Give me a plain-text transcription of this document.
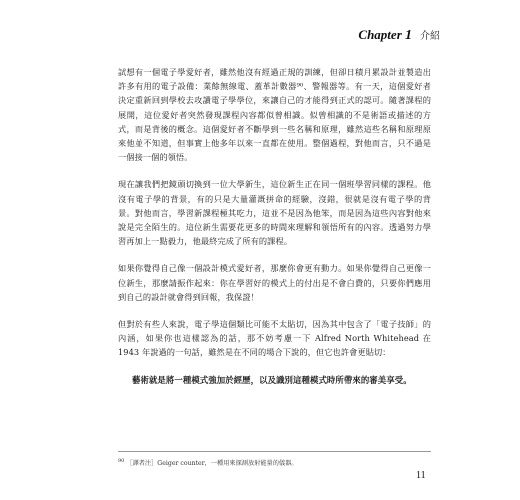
Chapter 1 介紹

試想有一個電子學愛好者，雖然他沒有經過正規的訓練，但卻日積月累設計並製造出許多有用的電子設備：業餘無線電、蓋革計數器⁹⁰、警報器等。有一天，這個愛好者決定重新回到學校去攻讀電子學學位，來讓自己的才能得到正式的認可。隨著課程的展開，這位愛好者突然發現課程內容都似曾相識。似曾相識的不是術語或描述的方式，而是背後的概念。這個愛好者不斷學到一些名稱和原理，雖然這些名稱和原理原來他並不知道，但事實上他多年以來一直都在使用。整個過程，對他而言，只不過是一個接一個的領悟。

現在讓我們把鏡頭切換到一位大學新生，這位新生正在同一個班學習同樣的課程。他沒有電子學的背景，有的只是大量灌溉拼命的經驗，沒錯，很就是沒有電子學的背景。對他而言，學習新課程極其吃力，這並不是因為他笨，而是因為這些內容對他來說是完全陌生的。這位新生需要花更多的時間來理解和領悟所有的內容。透過努力學習再加上一點毅力，他最終完成了所有的課程。

如果你覺得自己像一個設計模式愛好者，那麼你會更有動力。如果你覺得自己更像一位新生，那麼請振作起來：你在學習好的模式上的付出是不會白費的，只要你們應用到自己的設計就會得到回報，我保證！

但對於有些人來說，電子學這個類比可能不太貼切，因為其中包含了「電子技師」的內涵，如果你也這樣認為的話，那不妨考慮一下 Alfred North Whitehead 在 1943 年說過的一句話，雖然是在不同的場合下說的，但它也許會更貼切：

藝術就是將一種模式強加於經歷，以及識別這種模式時所帶來的審美享受。

$^{90}$ ［譯者注］Geiger counter，一種用來探測放射能量的儀器。
11
